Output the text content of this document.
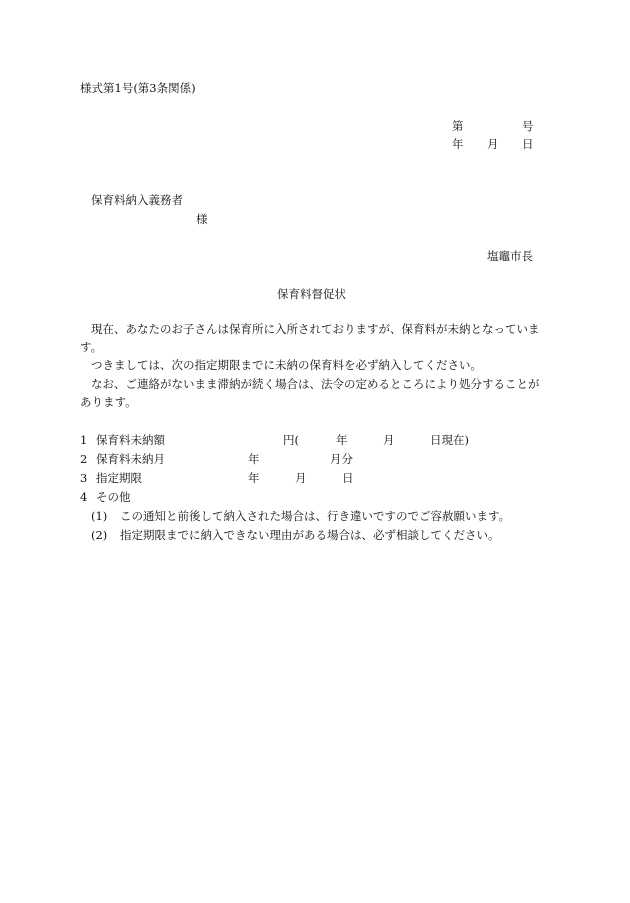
様式第1号(第3条関係)
第	号
年 月 日
保育料納入義務者
様
塩竈市長
保育料督促状
現在、あなたのお子さんは保育所に入所されておりますが、保育料が未納となっていま
す。
つきましては、次の指定期限までに未納の保育料を必ず納入してください。
なお、ご連絡がないまま滞納が続く場合は、法令の定めるところにより処分することが
あります。
1 保育料未納額	円(	年	月	日現在)
2 保育料未納月	年	月分
3 指定期限	年	月	日
4 その他
(1) この通知と前後して納入された場合は、行き違いですのでご容赦願います。
(2) 指定期限までに納入できない理由がある場合は、必ず相談してください。
